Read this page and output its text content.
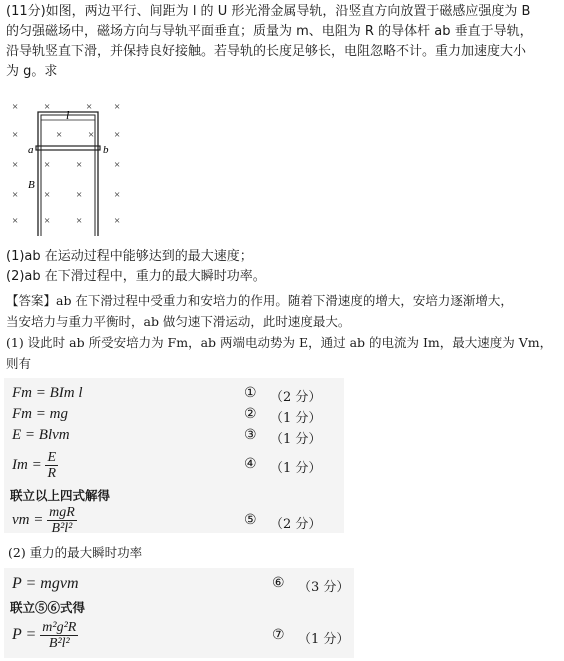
(11分)如图，两边平行、间距为 l 的 U 形光滑金属导轨，沿竖直方向放置于磁感应强度为 B
的匀强磁场中，磁场方向与导轨平面垂直；质量为 m、电阻为 R 的导体杆 ab 垂直于导轨，
沿导轨竖直下滑，并保持良好接触。若导轨的长度足够长，电阻忽略不计。重力加速度大小
为 g。求
×
×
×
×
×
×
×
×
×
×
×
×
×
×
×
×
×
×
×	×
l
a	b
B
(1)ab 在运动过程中能够达到的最大速度；
(2)ab 在下滑过程中，重力的最大瞬时功率。
【答案】ab 在下滑过程中受重力和安培力的作用。随着下滑速度的增大，安培力逐渐增大，
当安培力与重力平衡时，ab 做匀速下滑运动，此时速度最大。
(1) 设此时 ab 所受安培力为 Fm，ab 两端电动势为 E，通过 ab 的电流为 Im，最大速度为 Vm，
则有
Fm = BIm l	① （2 分）
Fm = mg	② （1 分）
E = Blvm	③ （1 分）
$Im = \frac{E}{R}$	④ （1 分）
联立以上四式解得
vm = $\frac{\text{mgR}}{\text{B²l²}}$	⑤ （2 分）
(2) 重力的最大瞬时功率
P = mgvm	⑥ （3 分）
联立⑤⑥式得
$P = \frac{\text{m²g²R}}{\text{B²l²}}$	⑦ （1 分）
